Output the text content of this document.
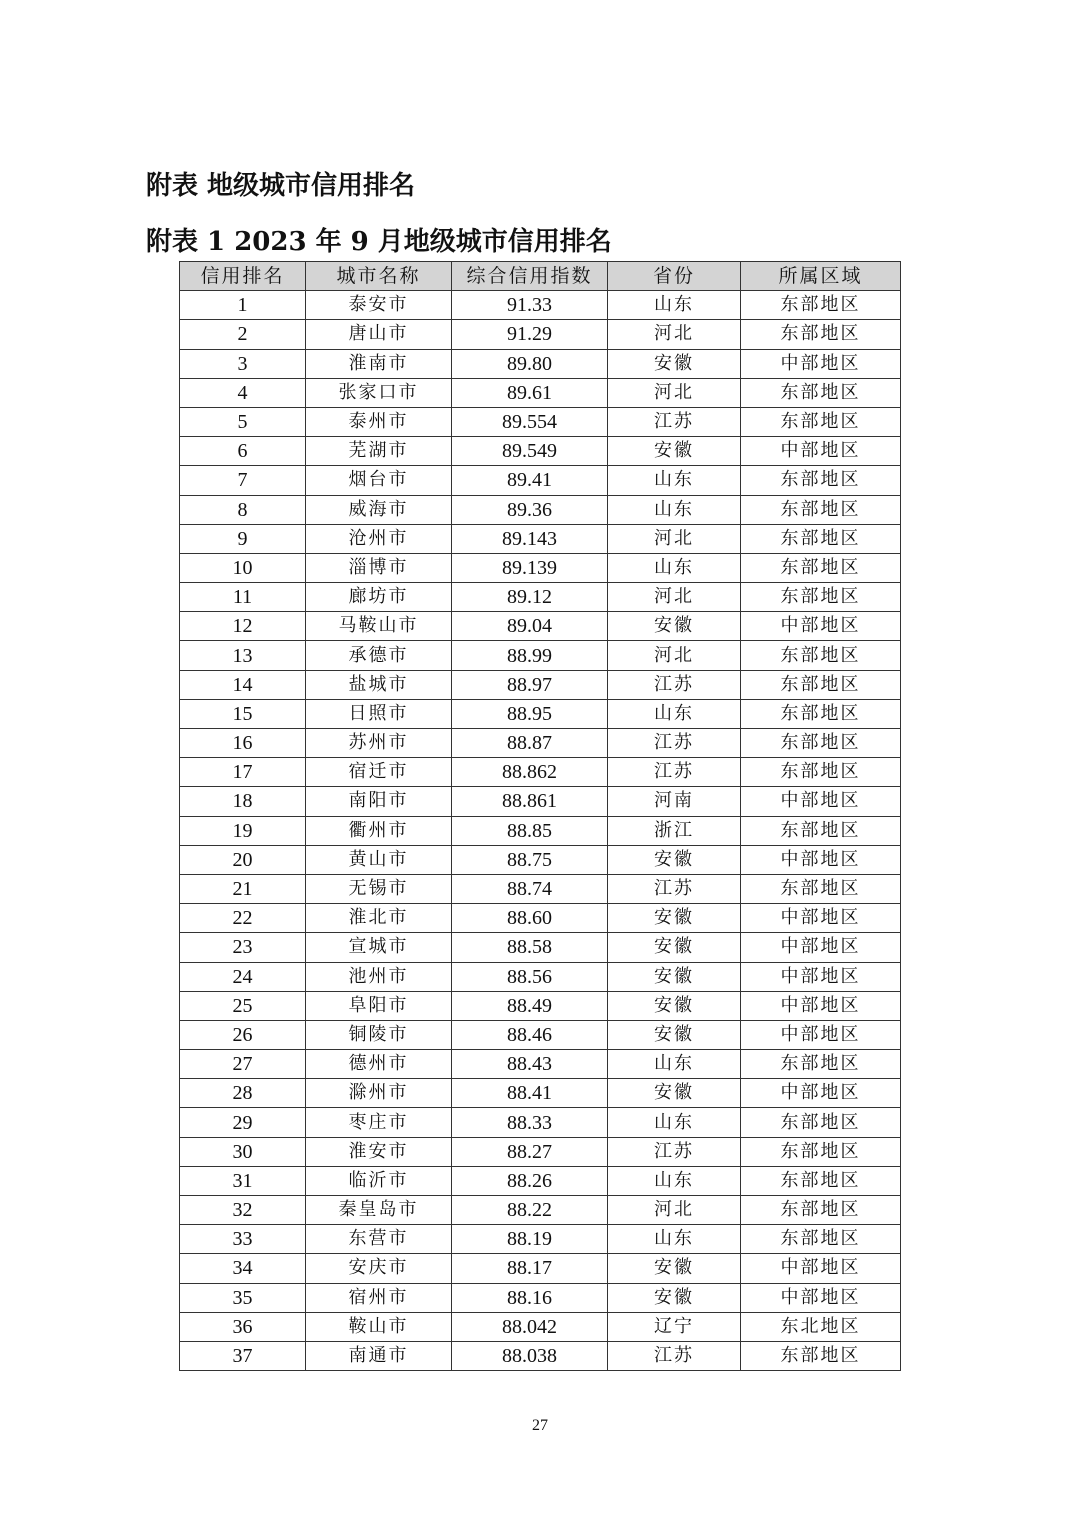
附表 地级城市信用排名
附表 1 2023 年 9 月地级城市信用排名
信用排名	城市名称	综合信用指数	省份	所属区域
1	泰安市	91.33	山东	东部地区
2	唐山市	91.29	河北	东部地区
3	淮南市	89.80	安徽	中部地区
4	张家口市	89.61	河北	东部地区
5	泰州市	89.554	江苏	东部地区
6	芜湖市	89.549	安徽	中部地区
7	烟台市	89.41	山东	东部地区
8	威海市	89.36	山东	东部地区
9	沧州市	89.143	河北	东部地区
10	淄博市	89.139	山东	东部地区
11	廊坊市	89.12	河北	东部地区
12	马鞍山市	89.04	安徽	中部地区
13	承德市	88.99	河北	东部地区
14	盐城市	88.97	江苏	东部地区
15	日照市	88.95	山东	东部地区
16	苏州市	88.87	江苏	东部地区
17	宿迁市	88.862	江苏	东部地区
18	南阳市	88.861	河南	中部地区
19	衢州市	88.85	浙江	东部地区
20	黄山市	88.75	安徽	中部地区
21	无锡市	88.74	江苏	东部地区
22	淮北市	88.60	安徽	中部地区
23	宣城市	88.58	安徽	中部地区
24	池州市	88.56	安徽	中部地区
25	阜阳市	88.49	安徽	中部地区
26	铜陵市	88.46	安徽	中部地区
27	德州市	88.43	山东	东部地区
28	滁州市	88.41	安徽	中部地区
29	枣庄市	88.33	山东	东部地区
30	淮安市	88.27	江苏	东部地区
31	临沂市	88.26	山东	东部地区
32	秦皇岛市	88.22	河北	东部地区
33	东营市	88.19	山东	东部地区
34	安庆市	88.17	安徽	中部地区
35	宿州市	88.16	安徽	中部地区
36	鞍山市	88.042	辽宁	东北地区
37	南通市	88.038	江苏	东部地区
27
